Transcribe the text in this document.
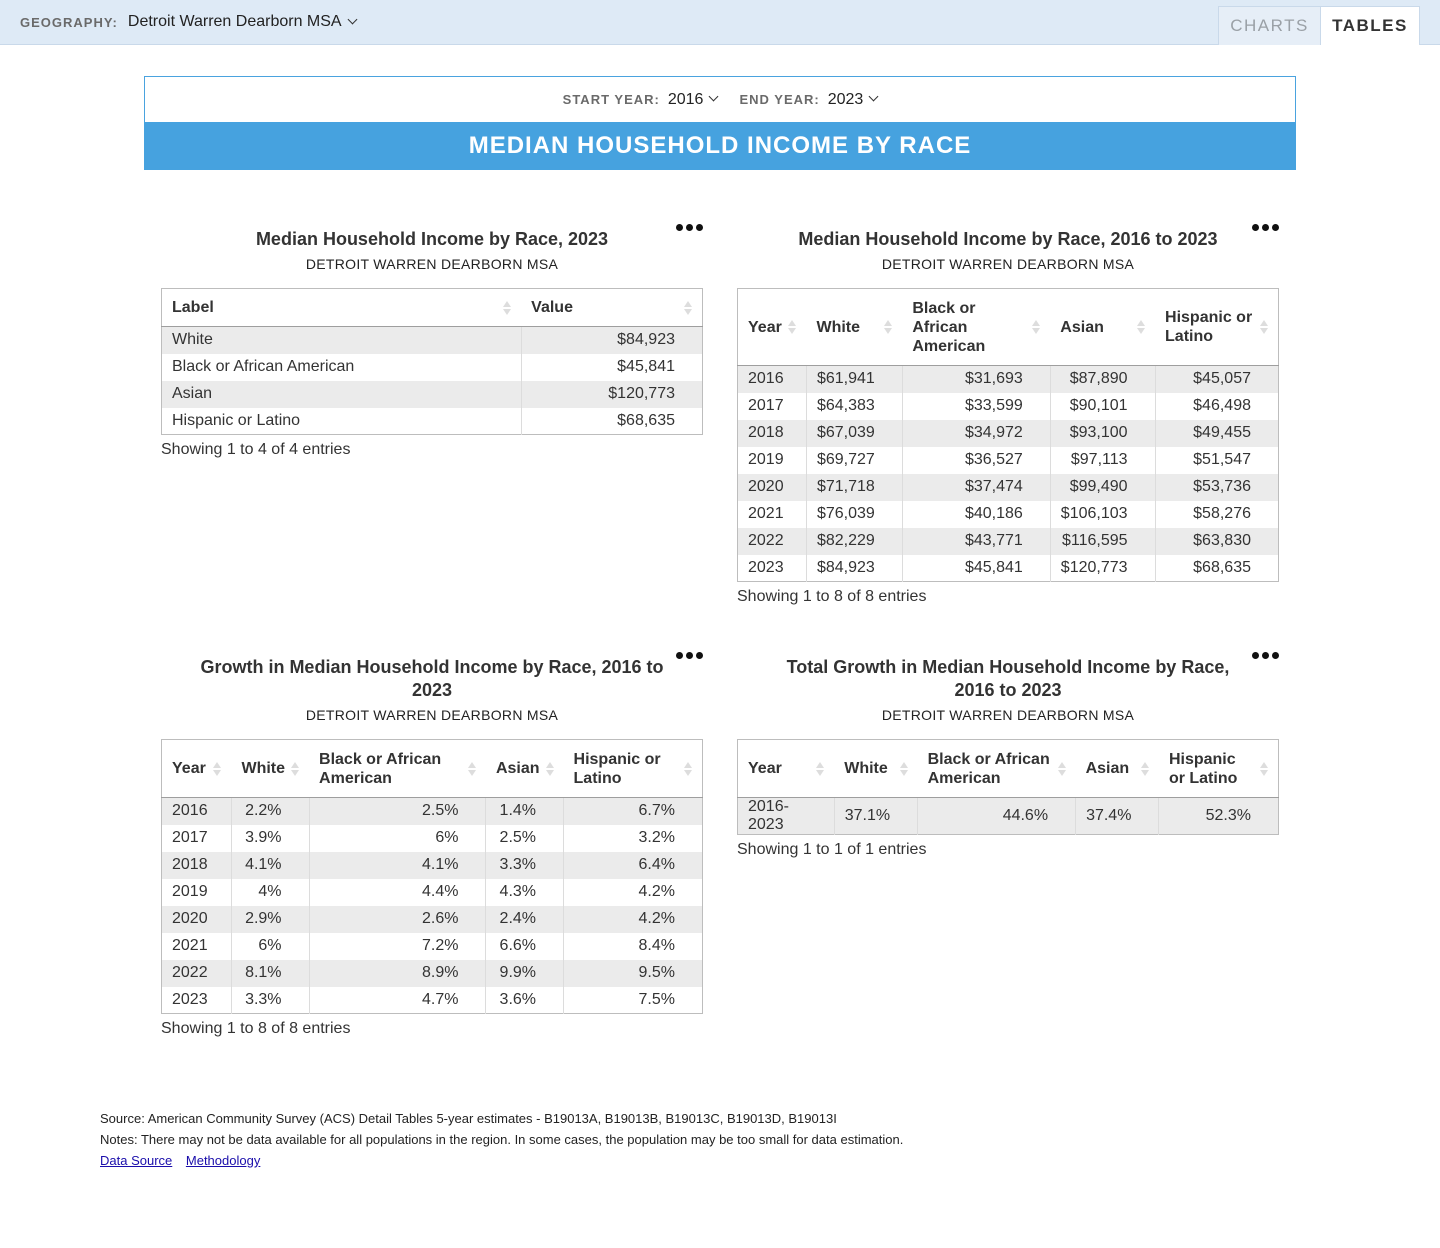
GEOGRAPHY: Detroit Warren Dearborn MSA	CHARTS	TABLES
START YEAR: 2016	END YEAR: 2023
MEDIAN HOUSEHOLD INCOME BY RACE
Median Household Income by Race, 2023
DETROIT WARREN DEARBORN MSA
Label	Value

White	$84,923
Black or African American	$45,841
Asian	$120,773
Hispanic or Latino	$68,635
Showing 1 to 4 of 4 entries
Median Household Income by Race, 2016 to 2023
DETROIT WARREN DEARBORN MSA
Year	White	Black or African American	Asian	Hispanic or Latino

2016	$61,941	$31,693	$87,890	$45,057
2017	$64,383	$33,599	$90,101	$46,498
2018	$67,039	$34,972	$93,100	$49,455
2019	$69,727	$36,527	$97,113	$51,547
2020	$71,718	$37,474	$99,490	$53,736
2021	$76,039	$40,186	$106,103	$58,276
2022	$82,229	$43,771	$116,595	$63,830
2023	$84,923	$45,841	$120,773	$68,635
Showing 1 to 8 of 8 entries
Growth in Median Household Income by Race, 2016 to 2023
DETROIT WARREN DEARBORN MSA
Year	White	Black or African American	Asian	Hispanic or Latino

2016	2.2%	2.5%	1.4%	6.7%
2017	3.9%	6%	2.5%	3.2%
2018	4.1%	4.1%	3.3%	6.4%
2019	4%	4.4%	4.3%	4.2%
2020	2.9%	2.6%	2.4%	4.2%
2021	6%	7.2%	6.6%	8.4%
2022	8.1%	8.9%	9.9%	9.5%
2023	3.3%	4.7%	3.6%	7.5%
Showing 1 to 8 of 8 entries
Total Growth in Median Household Income by Race, 2016 to 2023
DETROIT WARREN DEARBORN MSA
Year	White	Black or African American	Asian	Hispanic or Latino

2016-2023	37.1%	44.6%	37.4%	52.3%
Showing 1 to 1 of 1 entries
Source: American Community Survey (ACS) Detail Tables 5-year estimates - B19013A, B19013B, B19013C, B19013D, B19013I
Notes: There may not be data available for all populations in the region. In some cases, the population may be too small for data estimation.
Data Source Methodology
